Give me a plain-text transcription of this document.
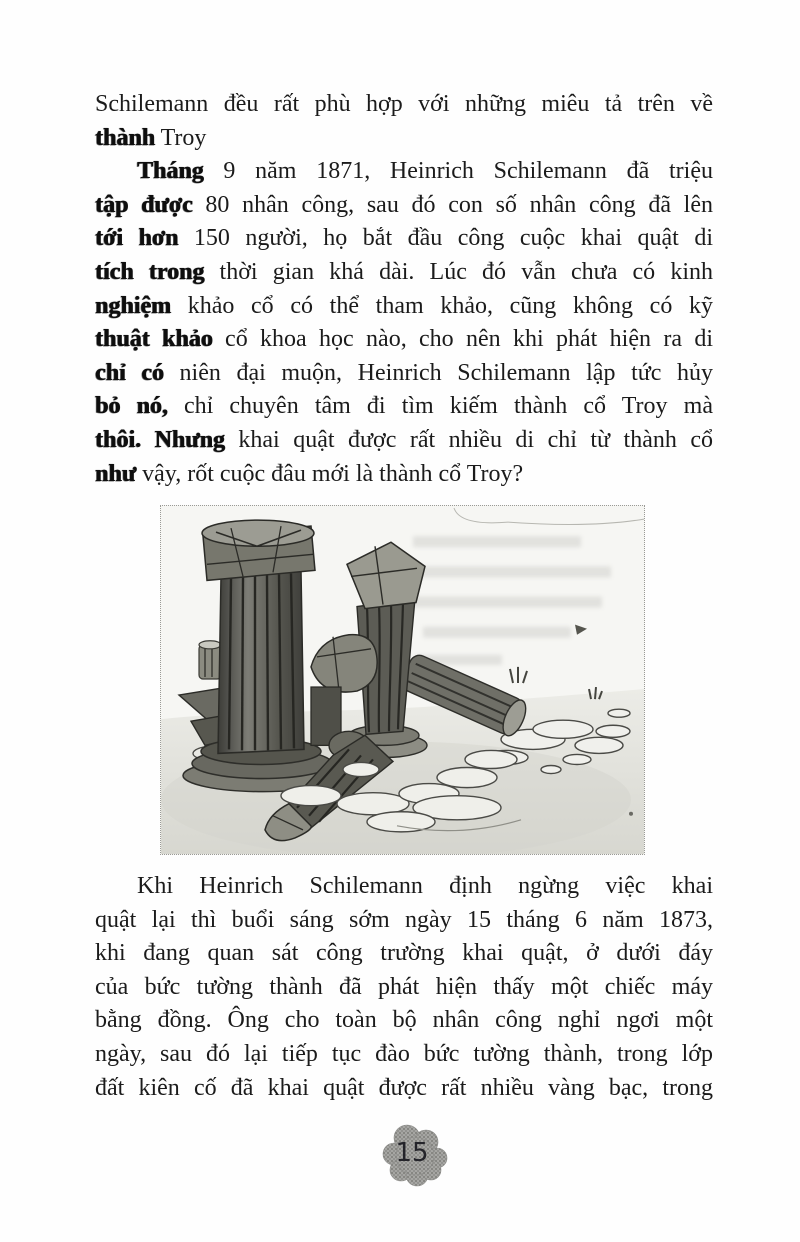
Schilemann đều rất phù hợp với những miêu tả trên về
thành Troy
Tháng 9 năm 1871, Heinrich Schilemann đã triệu
tập được 80 nhân công, sau đó con số nhân công đã lên
tới hơn 150 người, họ bắt đầu công cuộc khai quật di
tích trong thời gian khá dài. Lúc đó vẫn chưa có kinh
nghiệm khảo cổ có thể tham khảo, cũng không có kỹ
thuật khảo cổ khoa học nào, cho nên khi phát hiện ra di
chỉ có niên đại muộn, Heinrich Schilemann lập tức hủy
bỏ nó, chỉ chuyên tâm đi tìm kiếm thành cổ Troy mà
thôi. Nhưng khai quật được rất nhiều di chỉ từ thành cổ
như vậy, rốt cuộc đâu mới là thành cổ Troy?
Khi Heinrich Schilemann định ngừng việc khai
quật lại thì buổi sáng sớm ngày 15 tháng 6 năm 1873,
khi đang quan sát công trường khai quật, ở dưới đáy
của bức tường thành đã phát hiện thấy một chiếc máy
bằng đồng. Ông cho toàn bộ nhân công nghỉ ngơi một
ngày, sau đó lại tiếp tục đào bức tường thành, trong lớp
đất kiên cố đã khai quật được rất nhiều vàng bạc, trong
15
